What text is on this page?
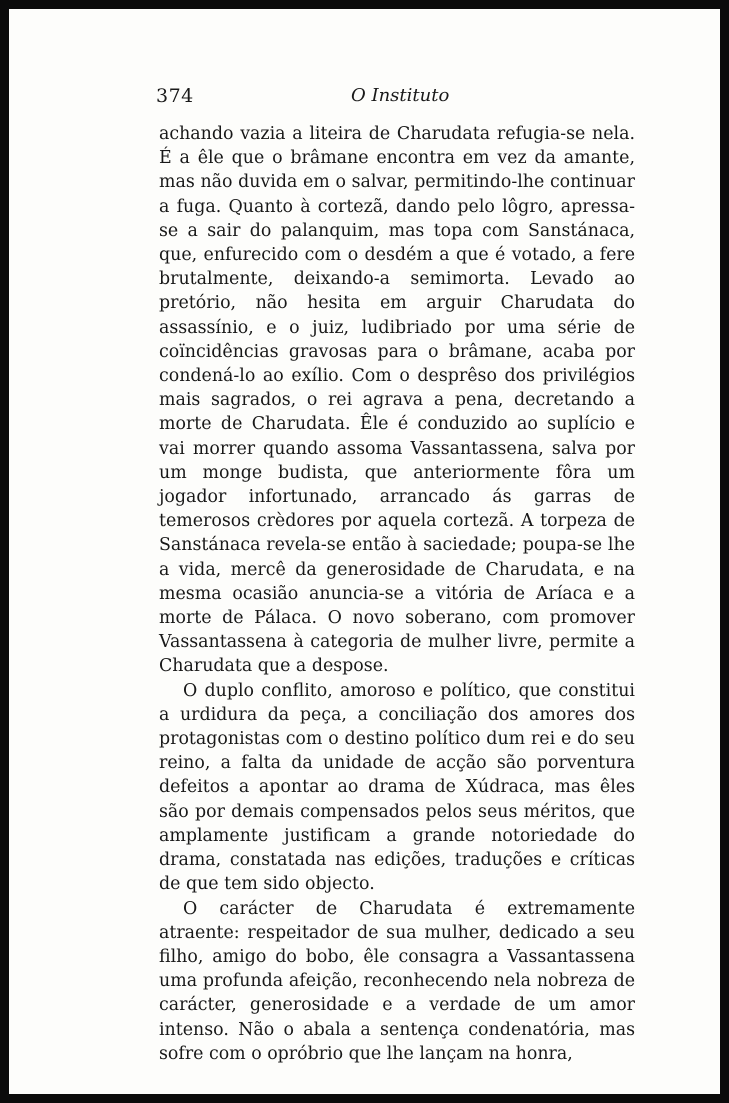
374	O Instituto

achando vazia a liteira de Charudata refugia-se nela. É a êle que o brâmane encontra em vez da amante, mas não duvida em o salvar, permitindo-lhe continuar a fuga. Quanto à cortezã, dando pelo lôgro, apressa-se a sair do palanquim, mas topa com Sanstánaca, que, enfurecido com o desdém a que é votado, a fere brutalmente, deixando-a semimorta. Levado ao pretório, não hesita em arguir Charudata do assassínio, e o juiz, ludibriado por uma série de coïncidências gravosas para o brâmane, acaba por condená-lo ao exílio. Com o desprêso dos privilégios mais sagrados, o rei agrava a pena, decretando a morte de Charudata. Êle é conduzido ao suplício e vai morrer quando assoma Vassantassena, salva por um monge budista, que anteriormente fôra um jogador infortunado, arrancado ás garras de temerosos crèdores por aquela cortezã. A torpeza de Sanstánaca revela-se então à saciedade; poupa-se lhe a vida, mercê da generosidade de Charudata, e na mesma ocasião anuncia-se a vitória de Aríaca e a morte de Pálaca. O novo soberano, com promover Vassantassena à categoria de mulher livre, permite a Charudata que a despose.

O duplo conflito, amoroso e político, que constitui a urdidura da peça, a conciliação dos amores dos protagonistas com o destino político dum rei e do seu reino, a falta da unidade de acção são porventura defeitos a apontar ao drama de Xúdraca, mas êles são por demais compensados pelos seus méritos, que amplamente justificam a grande notoriedade do drama, constatada nas edições, traduções e críticas de que tem sido objecto.

O carácter de Charudata é extremamente atraente: respeitador de sua mulher, dedicado a seu filho, amigo do bobo, êle consagra a Vassantassena uma profunda afeição, reconhecendo nela nobreza de carácter, generosidade e a verdade de um amor intenso. Não o abala a sentença condenatória, mas sofre com o opróbrio que lhe lançam na honra,
